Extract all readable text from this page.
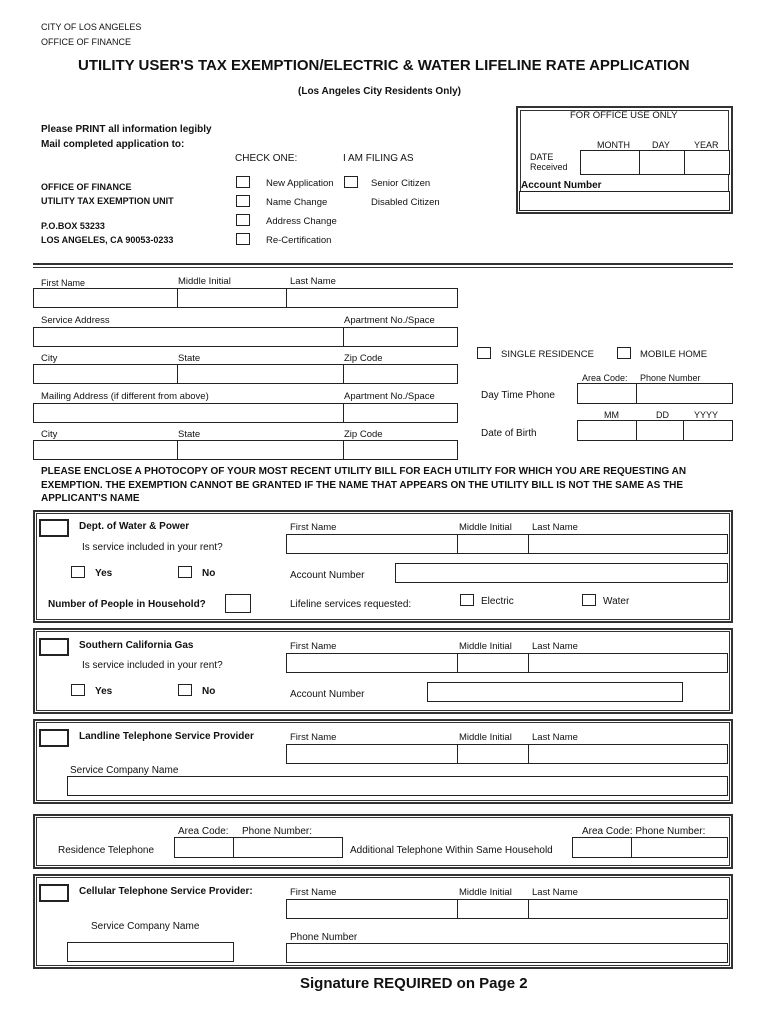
CITY OF LOS ANGELES
OFFICE OF FINANCE
UTILITY USER'S TAX EXEMPTION/ELECTRIC & WATER LIFELINE RATE APPLICATION
(Los Angeles City Residents Only)
Please PRINT all information legibly
Mail completed application to:
OFFICE OF FINANCE
UTILITY TAX EXEMPTION UNIT
P.O.BOX 53233
LOS ANGELES, CA 90053-0233
CHECK ONE:
New Application
Name Change
Address Change
Re-Certification
I AM FILING AS
Senior Citizen
Disabled Citizen
FOR OFFICE USE ONLY
MONTH DAY	YEAR
DATE
Received
Account Number
First Name	Middle Initial	Last Name
Service Address	Apartment No./Space
City	State	Zip Code
Mailing Address (if different from above)	Apartment No./Space
City	State	Zip Code
SINGLE RESIDENCE	MOBILE HOME
Area Code: Phone Number
Day Time Phone
MM	DD	YYYY
Date of Birth
PLEASE ENCLOSE A PHOTOCOPY OF YOUR MOST RECENT UTILITY BILL FOR EACH UTILITY FOR WHICH YOU ARE REQUESTING AN EXEMPTION. THE EXEMPTION CANNOT BE GRANTED IF THE NAME THAT APPEARS ON THE UTILITY BILL IS NOT THE SAME AS THE APPLICANT'S NAME
Dept. of Water & Power	First Name	Middle Initial Last Name
Is service included in your rent?
Yes	No	Account Number
Number of People in Household?	Lifeline services requested:	Electric	Water
Southern California Gas	First Name	Middle Initial Last Name
Is service included in your rent?
Yes	No	Account Number
Landline Telephone Service Provider	First Name	Middle Initial Last Name
Service Company Name
Area Code: Phone Number:
Residence Telephone	Additional Telephone Within Same Household
Area Code: Phone Number:
Cellular Telephone Service Provider:	First Name	Middle Initial Last Name
Service Company Name
Phone Number
Signature REQUIRED on Page 2
